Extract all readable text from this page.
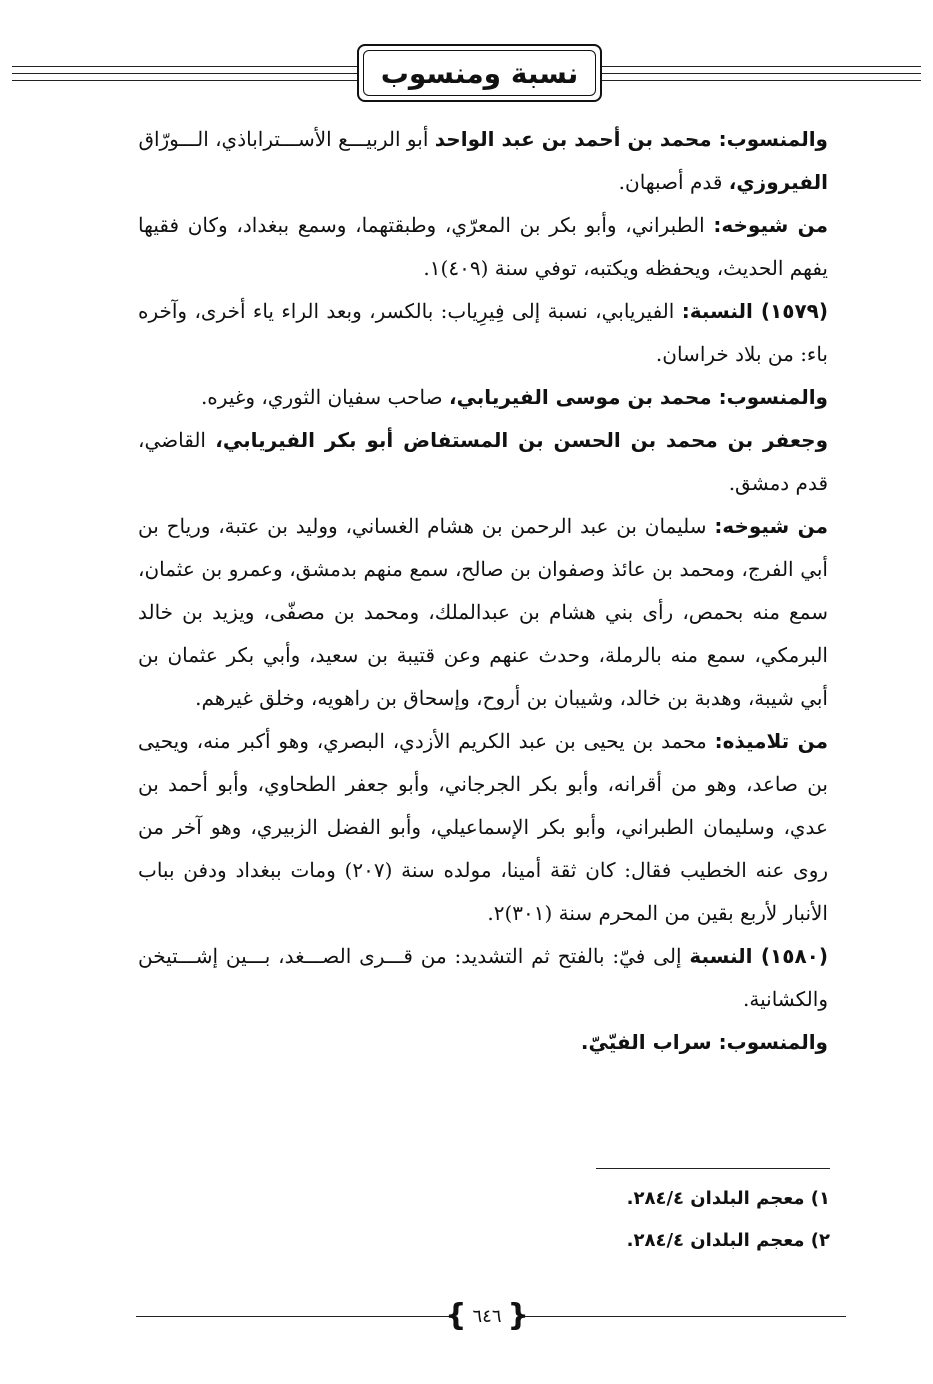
نسبة ومنسوب

والمنسوب: محمد بن أحمد بن عبد الواحد أبو الربيـــع الأســـتراباذي، الـــورّاق

الفيروزي، قدم أصبهان.

من شيوخه: الطبراني، وأبو بكر بن المعرّي، وطبقتهما، وسمع ببغداد، وكان فقيها يفهم الحديث، ويحفظه ويكتبه، توفي سنة (٤٠٩)١.

(١٥٧٩) النسبة: الفيريابي، نسبة إلى فِيرِياب: بالكسر، وبعد الراء ياء أخرى، وآخره باء: من بلاد خراسان.

والمنسوب: محمد بن موسى الفيريابي، صاحب سفيان الثوري، وغيره.

وجعفر بن محمد بن الحسن بن المستفاض أبو بكر الفيريابي، القاضي، قدم دمشق.

من شيوخه: سليمان بن عبد الرحمن بن هشام الغساني، ووليد بن عتبة، ورياح بن أبي الفرج، ومحمد بن عائذ وصفوان بن صالح، سمع منهم بدمشق، وعمرو بن عثمان، سمع منه بحمص، رأى بني هشام بن عبدالملك، ومحمد بن مصفّى، ويزيد بن خالد البرمكي، سمع منه بالرملة، وحدث عنهم وعن قتيبة بن سعيد، وأبي بكر عثمان بن أبي شيبة، وهدبة بن خالد، وشيبان بن أروح، وإسحاق بن راهويه، وخلق غيرهم.

من تلاميذه: محمد بن يحيى بن عبد الكريم الأزدي، البصري، وهو أكبر منه، ويحيى بن صاعد، وهو من أقرانه، وأبو بكر الجرجاني، وأبو جعفر الطحاوي، وأبو أحمد بن عدي، وسليمان الطبراني، وأبو بكر الإسماعيلي، وأبو الفضل الزبيري، وهو آخر من روى عنه الخطيب فقال: كان ثقة أمينا، مولده سنة (٢٠٧) ومات ببغداد ودفن بباب الأنبار لأربع بقين من المحرم سنة (٣٠١)٢.

(١٥٨٠) النسبة إلى فيّ: بالفتح ثم التشديد: من قـــرى الصـــغد، بـــين إشـــتيخن والكشانية.

والمنسوب: سراب الفيّيّ.

١) معجم البلدان ٢٨٤/٤.
٢) معجم البلدان ٢٨٤/٤.
{ ٦٤٦ }
